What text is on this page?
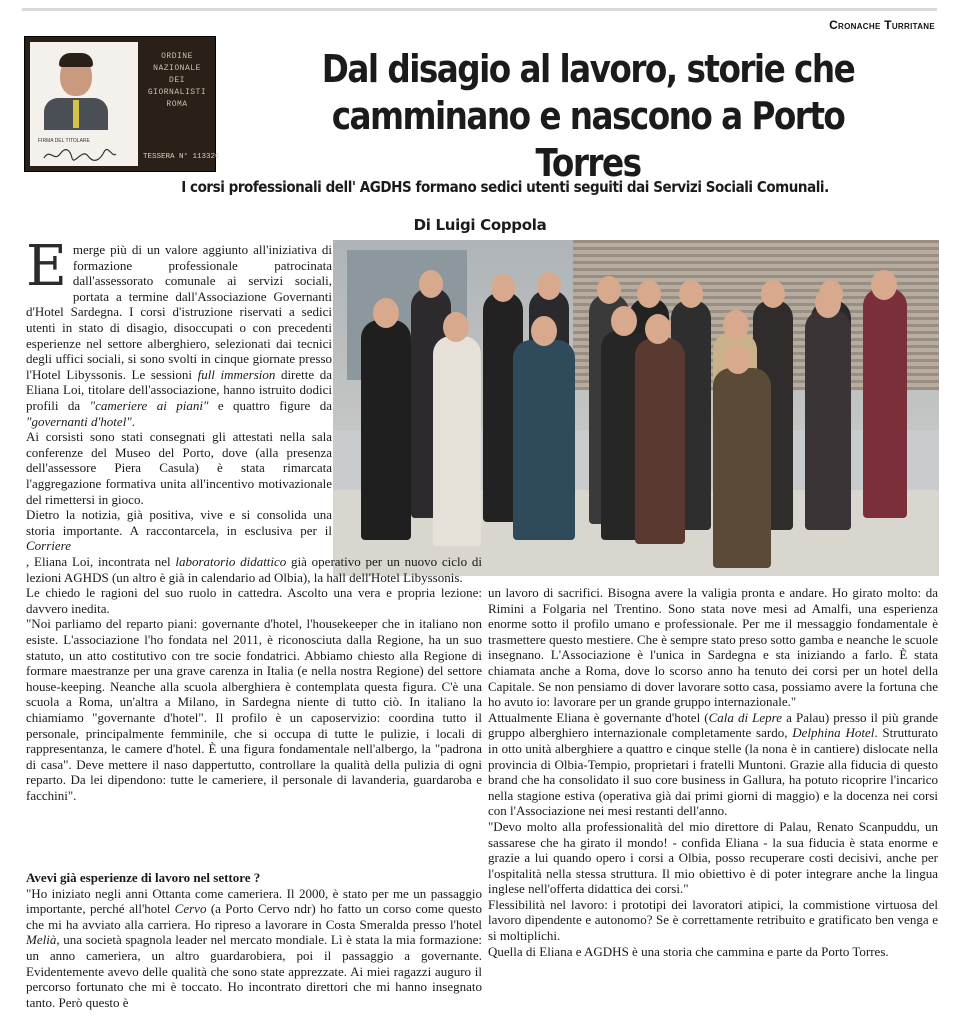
Cronache Turritane
FIRMA DEL TITOLARE
ORDINE
NAZIONALE
DEI
GIORNALISTI
ROMA
TESSERA N° 113326
Dal disagio al lavoro, storie che camminano e nascono a Porto Torres
I corsi professionali dell' AGDHS formano sedici utenti seguiti dai Servizi Sociali Comunali.
Di Luigi Coppola
E merge più di un valore aggiunto all'iniziativa di formazione professionale patrocinata dall'assessorato comunale ai servizi sociali, portata a termine dall'Associazione Governanti d'Hotel Sardegna. I corsi d'istruzione riservati a sedici utenti in stato di disagio, disoccupati o con precedenti esperienze nel settore alberghiero, selezionati dai tecnici degli uffici sociali, si sono svolti in cinque giornate presso l'Hotel Libyssonis. Le sessioni full immersion dirette da Eliana Loi, titolare dell'associazione, hanno istruito dodici profili da "cameriere ai piani" e quattro figure da "governanti d'hotel".

Ai corsisti sono stati consegnati gli attestati nella sala conferenze del Museo del Porto, dove (alla presenza dell'assessore Piera Casula) è stata rimarcata l'aggregazione formativa unita all'incentivo motivazionale del rimettersi in gioco.

Dietro la notizia, già positiva, vive e si consolida una storia importante. A raccontarcela, in esclusiva per il Corriere

, Eliana Loi, incontrata nel laboratorio didattico già operativo per un nuovo ciclo di lezioni AGHDS (un altro è già in calendario ad Olbia), la hall dell'Hotel Libyssonis.

Le chiedo le ragioni del suo ruolo in cattedra. Ascolto una vera e propria lezione: davvero inedita.

"Noi parliamo del reparto piani: governante d'hotel, l'housekeeper che in italiano non esiste. L'associazione l'ho fondata nel 2011, è riconosciuta dalla Regione, ha un suo statuto, un atto costitutivo con tre socie fondatrici. Abbiamo chiesto alla Regione di formare maestranze per una grave carenza in Italia (e nella nostra Regione) del settore house-keeping. Neanche alla scuola alberghiera è contemplata questa figura. C'è una scuola a Roma, un'altra a Milano, in Sardegna niente di tutto ciò. In italiano la chiamiamo "governante d'hotel". Il profilo è un caposervizio: coordina tutto il personale, principalmente femminile, che si occupa di tutte le pulizie, i locali di rappresentanza, le camere d'hotel. È una figura fondamentale nell'albergo, la "padrona di casa". Deve mettere il naso dappertutto, controllare la qualità della pulizia di ogni reparto. Da lei dipendono: tutte le cameriere, il personale di lavanderia, guardaroba e facchini".

Avevi già esperienze di lavoro nel settore ?

"Ho iniziato negli anni Ottanta come cameriera. Il 2000, è stato per me un passaggio importante, perché all'hotel Cervo (a Porto Cervo ndr) ho fatto un corso come questo che mi ha avviato alla carriera. Ho ripreso a lavorare in Costa Smeralda presso l'hotel Melià, una società spagnola leader nel mercato mondiale. Lì è stata la mia formazione: un anno cameriera, un altro guardarobiera, poi il passaggio a governante. Evidentemente avevo delle qualità che sono state apprezzate. Ai miei ragazzi auguro il percorso fortunato che mi è toccato. Ho incontrato direttori che mi hanno insegnato tanto. Però questo è

un lavoro di sacrifici. Bisogna avere la valigia pronta e andare. Ho girato molto: da Rimini a Folgaria nel Trentino. Sono stata nove mesi ad Amalfi, una esperienza enorme sotto il profilo umano e professionale. Per me il messaggio fondamentale è trasmettere questo mestiere. Che è sempre stato preso sotto gamba e neanche le scuole insegnano. L'Associazione è l'unica in Sardegna e sta iniziando a farlo. È stata chiamata anche a Roma, dove lo scorso anno ha tenuto dei corsi per un hotel della Capitale. Se non pensiamo di dover lavorare sotto casa, possiamo avere la fortuna che ho avuto io: lavorare per un grande gruppo internazionale."

Attualmente Eliana è governante d'hotel (Cala di Lepre a Palau) presso il più grande gruppo alberghiero internazionale completamente sardo, Delphina Hotel. Strutturato in otto unità alberghiere a quattro e cinque stelle (la nona è in cantiere) dislocate nella provincia di Olbia-Tempio, proprietari i fratelli Muntoni. Grazie alla fiducia di questo brand che ha consolidato il suo core business in Gallura, ha potuto ricoprire l'incarico nella stagione estiva (operativa già dai primi giorni di maggio) e la docenza nei corsi con l'Associazione nei mesi restanti dell'anno.

"Devo molto alla professionalità del mio direttore di Palau, Renato Scanpuddu, un sassarese che ha girato il mondo! - confida Eliana - la sua fiducia è stata enorme e grazie a lui quando opero i corsi a Olbia, posso recuperare costi decisivi, anche per l'ospitalità nella stessa struttura. Il mio obiettivo è di poter integrare anche la lingua inglese nell'offerta didattica dei corsi."

Flessibilità nel lavoro: i prototipi dei lavoratori atipici, la commistione virtuosa del lavoro dipendente e autonomo? Se è correttamente retribuito e gratificato ben venga e si moltiplichi.

Quella di Eliana e AGDHS è una storia che cammina e parte da Porto Torres.
